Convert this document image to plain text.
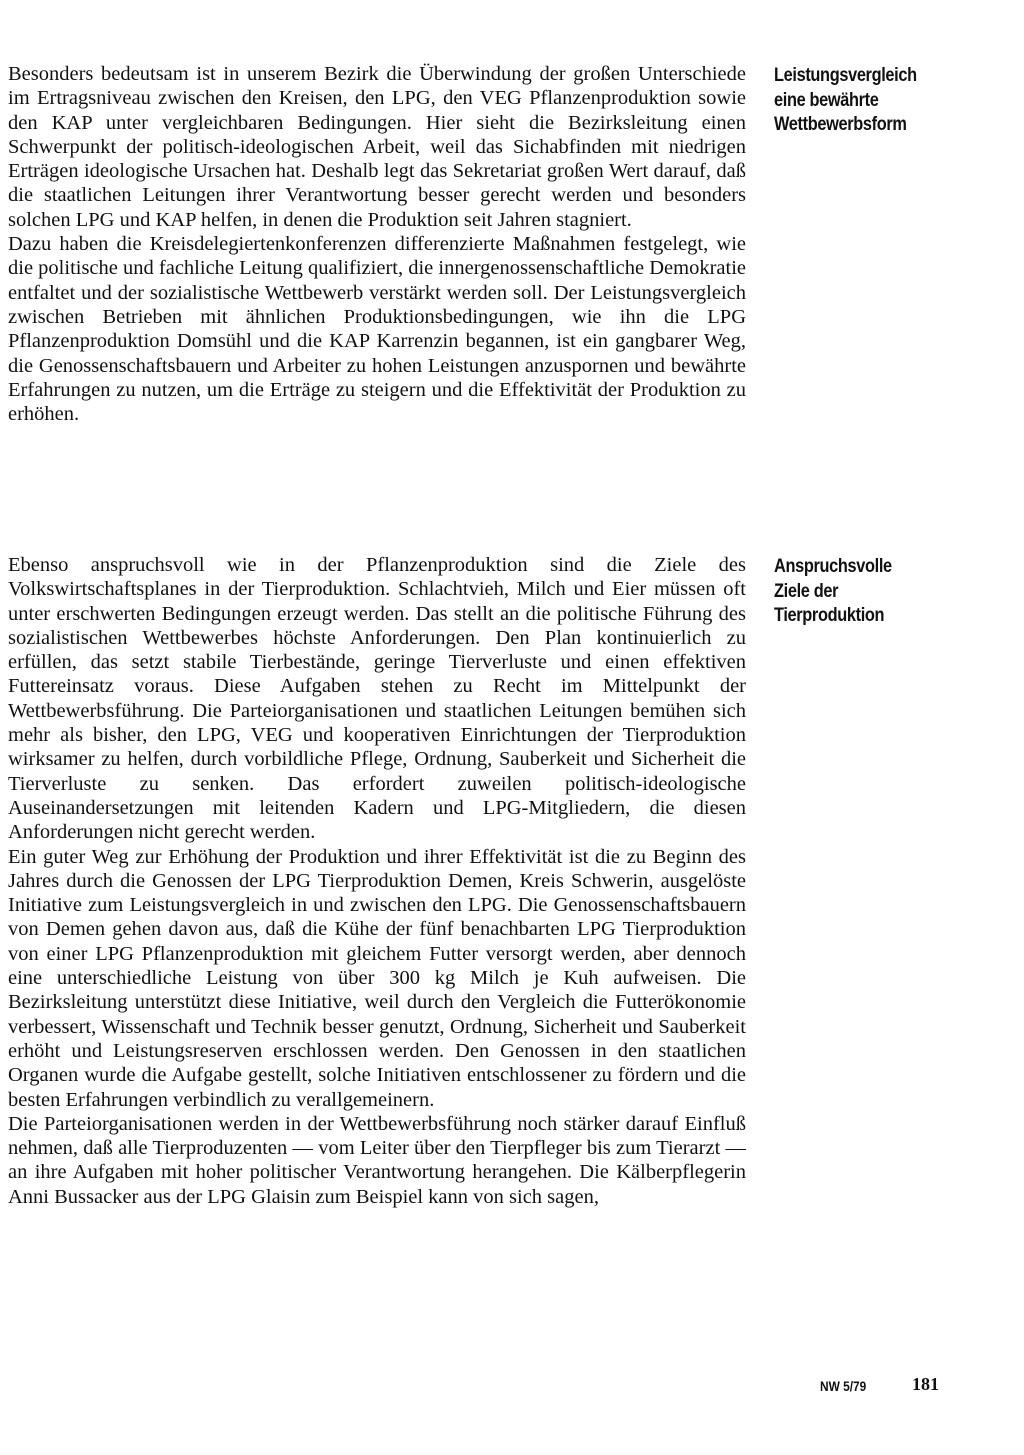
Besonders bedeutsam ist in unserem Bezirk die Überwindung der großen Unterschiede im Ertragsniveau zwischen den Kreisen, den LPG, den VEG Pflanzenproduktion sowie den KAP unter vergleichbaren Bedingungen. Hier sieht die Bezirksleitung einen Schwerpunkt der politisch-ideologischen Arbeit, weil das Sichabfinden mit niedrigen Erträgen ideologische Ursachen hat. Deshalb legt das Sekretariat großen Wert darauf, daß die staatlichen Leitungen ihrer Verantwortung besser gerecht werden und besonders solchen LPG und KAP helfen, in denen die Produktion seit Jahren stagniert.

Dazu haben die Kreisdelegiertenkonferenzen differenzierte Maßnahmen festgelegt, wie die politische und fachliche Leitung qualifiziert, die innergenossenschaftliche Demokratie entfaltet und der sozialistische Wettbewerb verstärkt werden soll. Der Leistungsvergleich zwischen Betrieben mit ähnlichen Produktionsbedingungen, wie ihn die LPG Pflanzenproduktion Domsühl und die KAP Karrenzin begannen, ist ein gangbarer Weg, die Genossenschaftsbauern und Arbeiter zu hohen Leistungen anzuspornen und bewährte Erfahrungen zu nutzen, um die Erträge zu steigern und die Effektivität der Produktion zu erhöhen.

Leistungsvergleich
eine bewährte
Wettbewerbsform

Ebenso anspruchsvoll wie in der Pflanzenproduktion sind die Ziele des Volkswirtschaftsplanes in der Tierproduktion. Schlachtvieh, Milch und Eier müssen oft unter erschwerten Bedingungen erzeugt werden. Das stellt an die politische Führung des sozialistischen Wettbewerbes höchste Anforderungen. Den Plan kontinuierlich zu erfüllen, das setzt stabile Tierbestände, geringe Tierverluste und einen effektiven Futtereinsatz voraus. Diese Aufgaben stehen zu Recht im Mittelpunkt der Wettbewerbsführung. Die Parteiorganisationen und staatlichen Leitungen bemühen sich mehr als bisher, den LPG, VEG und kooperativen Einrichtungen der Tierproduktion wirksamer zu helfen, durch vorbildliche Pflege, Ordnung, Sauberkeit und Sicherheit die Tierverluste zu senken. Das erfordert zuweilen politisch-ideologische Auseinandersetzungen mit leitenden Kadern und LPG-Mitgliedern, die diesen Anforderungen nicht gerecht werden.

Ein guter Weg zur Erhöhung der Produktion und ihrer Effektivität ist die zu Beginn des Jahres durch die Genossen der LPG Tierproduktion Demen, Kreis Schwerin, ausgelöste Initiative zum Leistungsvergleich in und zwischen den LPG. Die Genossenschaftsbauern von Demen gehen davon aus, daß die Kühe der fünf benachbarten LPG Tierproduktion von einer LPG Pflanzenproduktion mit gleichem Futter versorgt werden, aber dennoch eine unterschiedliche Leistung von über 300 kg Milch je Kuh aufweisen. Die Bezirksleitung unterstützt diese Initiative, weil durch den Vergleich die Futterökonomie verbessert, Wissenschaft und Technik besser genutzt, Ordnung, Sicherheit und Sauberkeit erhöht und Leistungsreserven erschlossen werden. Den Genossen in den staatlichen Organen wurde die Aufgabe gestellt, solche Initiativen entschlossener zu fördern und die besten Erfahrungen verbindlich zu verallgemeinern.

Die Parteiorganisationen werden in der Wettbewerbsführung noch stärker darauf Einfluß nehmen, daß alle Tierproduzenten — vom Leiter über den Tierpfleger bis zum Tierarzt — an ihre Aufgaben mit hoher politischer Verantwortung herangehen. Die Kälberpflegerin Anni Bussacker aus der LPG Glaisin zum Beispiel kann von sich sagen,

Anspruchsvolle
Ziele der
Tierproduktion
NW 5/79	181
